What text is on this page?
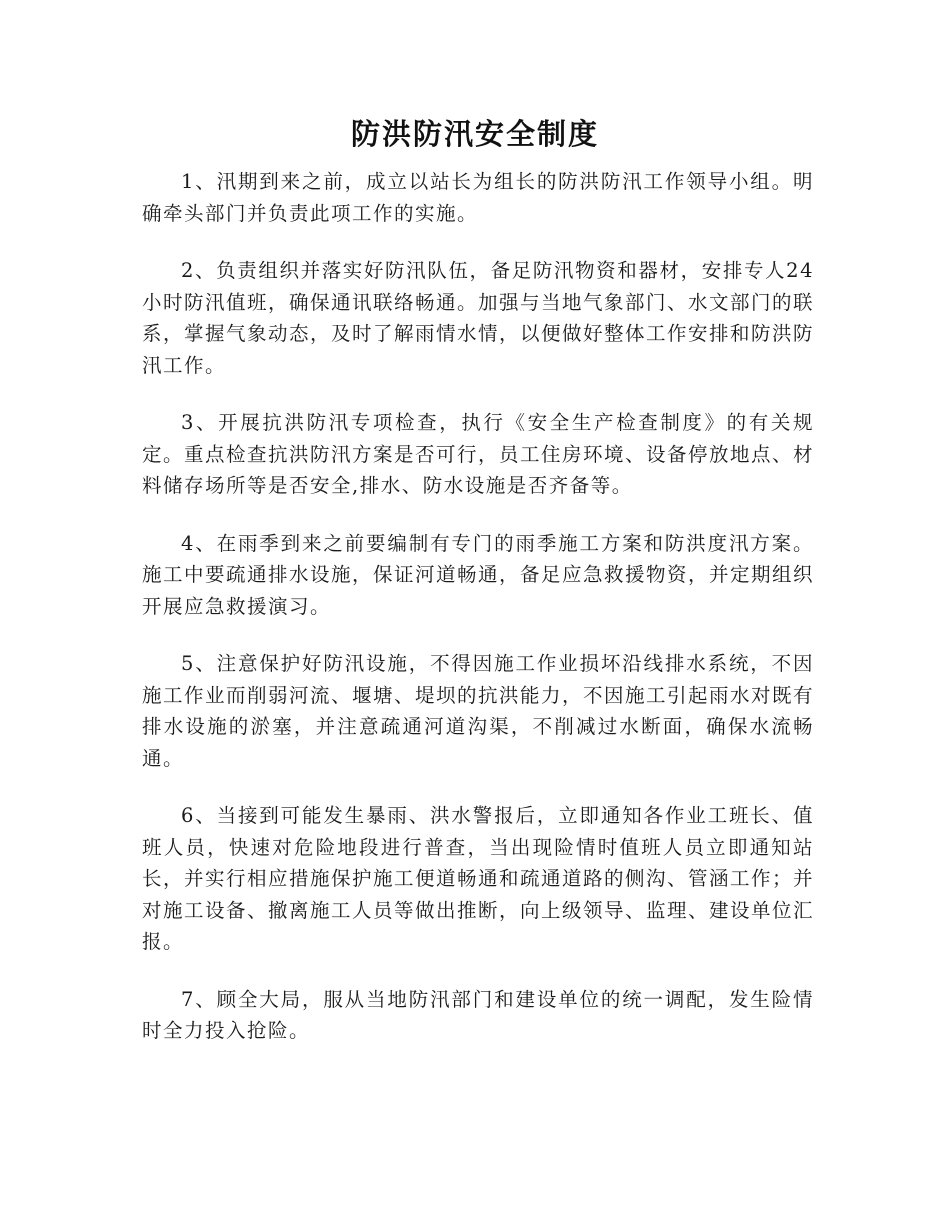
防洪防汛安全制度

1、汛期到来之前，成立以站长为组长的防洪防汛工作领导小组。明确牵头部门并负责此项工作的实施。

2、负责组织并落实好防汛队伍，备足防汛物资和器材，安排专人24小时防汛值班，确保通讯联络畅通。加强与当地气象部门、水文部门的联系，掌握气象动态，及时了解雨情水情，以便做好整体工作安排和防洪防汛工作。

3、开展抗洪防汛专项检查，执行《安全生产检查制度》的有关规定。重点检查抗洪防汛方案是否可行，员工住房环境、设备停放地点、材料储存场所等是否安全,排水、防水设施是否齐备等。

4、在雨季到来之前要编制有专门的雨季施工方案和防洪度汛方案。施工中要疏通排水设施，保证河道畅通，备足应急救援物资，并定期组织开展应急救援演习。

5、注意保护好防汛设施，不得因施工作业损坏沿线排水系统，不因施工作业而削弱河流、堰塘、堤坝的抗洪能力，不因施工引起雨水对既有排水设施的淤塞，并注意疏通河道沟渠，不削减过水断面，确保水流畅通。

6、当接到可能发生暴雨、洪水警报后，立即通知各作业工班长、值班人员，快速对危险地段进行普查，当出现险情时值班人员立即通知站长，并实行相应措施保护施工便道畅通和疏通道路的侧沟、管涵工作；并对施工设备、撤离施工人员等做出推断，向上级领导、监理、建设单位汇报。

7、顾全大局，服从当地防汛部门和建设单位的统一调配，发生险情时全力投入抢险。
